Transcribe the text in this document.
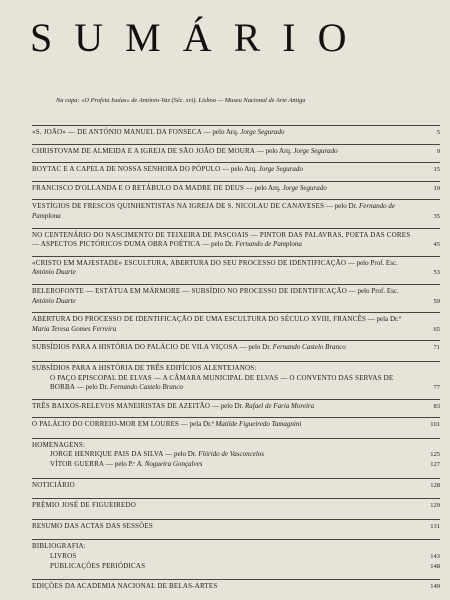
SUMÁRIO
Na capa: «O Profeta Isaías» de António-Vaz (Séc. xvi). Lisboa — Museu Nacional de Arte Antiga
«S. JOÃO» — DE ANTÓNIO MANUEL DA FONSECA — pelo Arq. Jorge Segurado	5
CHRISTOVAM DE ALMEIDA E A IGREJA DE SÃO JOÃO DE MOURA — pelo Arq. Jorge Segurado	9
BOYTAC E A CAPELA DE NOSSA SENHORA DO PÓPULO — pelo Arq. Jorge Segurado	15
FRANCISCO D'OLLANDA E O RETÁBULO DA MADRE DE DEUS — pelo Arq. Jorge Segurado	19
VESTÍGIOS DE FRESCOS QUINHENTISTAS NA IGREJA DE S. NICOLAU DE CANAVESES — pelo Dr. Fernando de Pamplona	35
NO CENTENÁRIO DO NASCIMENTO DE TEIXEIRA DE PASCOAIS — PINTOR DAS PALAVRAS, POETA DAS CORES — ASPECTOS PICTÓRICOS DUMA OBRA POÉTICA — pelo Dr. Fernando de Pamplona	45
«CRISTO EM MAJESTADE» ESCULTURA, ABERTURA DO SEU PROCESSO DE IDENTIFICAÇÃO — pelo Prof. Esc. António Duarte	53
BELEROFONTE — ESTÁTUA EM MÁRMORE — SUBSÍDIO NO PROCESSO DE IDENTIFICAÇÃO — pelo Prof. Esc. António Duarte	59
ABERTURA DO PROCESSO DE IDENTIFICAÇÃO DE UMA ESCULTURA DO SÉCULO XVIII, FRANCÊS — pela Dr.ª Maria Teresa Gomes Ferreira	65
SUBSÍDIOS PARA A HISTÓRIA DO PALÁCIO DE VILA VIÇOSA — pelo Dr. Fernando Castelo Branco	71
SUBSÍDIOS PARA A HISTÓRIA DE TRÊS EDIFÍCIOS ALENTEJANOS:
O PAÇO EPISCOPAL DE ELVAS — A CÂMARA MUNICIPAL DE ELVAS — O CONVENTO DAS SERVAS DE BORBA — pelo Dr. Fernando Castelo Branco	77
TRÊS BAIXOS-RELEVOS MANEIRISTAS DE AZEITÃO — pelo Dr. Rafael de Faria Moreira	83
O PALÁCIO DO CORREIO-MOR EM LOURES — pela Dr.ª Matilde Figueiredo Tamagnini	101
HOMENAGENS:
JORGE HENRIQUE PAIS DA SILVA — pelo Dr. Flórido de Vasconcelos	125
VÍTOR GUERRA — pelo P.ᵉ A. Nogueira Gonçalves	127
NOTICIÁRIO	128
PRÉMIO JOSÉ DE FIGUEIREDO	129
RESUMO DAS ACTAS DAS SESSÕES	131
BIBLIOGRAFIA:
LIVROS	143
PUBLICAÇÕES PERIÓDICAS	148
EDIÇÕES DA ACADEMIA NACIONAL DE BELAS-ARTES	149
